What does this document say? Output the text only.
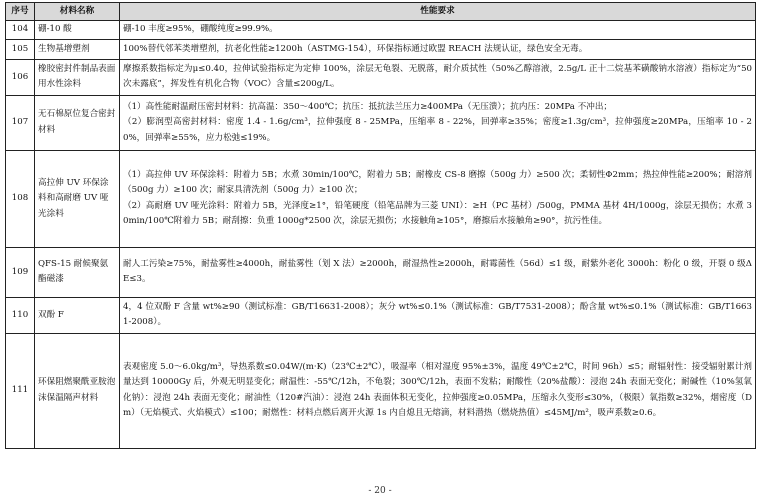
序号	材料名称	性能要求
104	硼-10 酸	硼-10 丰度≥95%，硼酸纯度≥99.9%。

105	生物基增塑剂	100%替代邻苯类增塑剂，抗老化性能≥1200h（ASTMG-154），环保指标通过欧盟 REACH 法规认证，绿色安全无毒。

106	橡胶密封件制品表面用水性涂料	摩擦系数指标定为μ≤0.40，拉伸试验指标定为定伸 100%，涂层无龟裂、无脱落，耐介质拭性（50%乙醇溶液，2.5g/L 正十二烷基苯磺酸钠水溶液）指标定为“50 次未露底”，挥发性有机化合物（VOC）含量≤200g/L。

107	无石棉原位复合密封材料	（1）高性能耐温耐压密封材料：抗高温：350～400℃；抗压：抵抗法兰压力≥400MPa（无压溃）；抗内压：20MPa 不冲出；
（2）膨润型高密封材料：密度 1.4 - 1.6g/cm³，拉伸强度 8 - 25MPa，压缩率 8 - 22%，回弹率≥35%；密度≥1.3g/cm³，拉伸强度≥20MPa，压缩率 10 - 20%，回弹率≥55%，应力松弛≤19%。

108	高拉伸 UV 环保涂料和高耐磨 UV 哑光涂料	（1）高拉伸 UV 环保涂料：附着力 5B；水煮 30min/100℃，附着力 5B；耐橡皮 CS-8 磨擦（500g 力）≥500 次；柔韧性Φ2mm；热拉伸性能≥200%；耐溶剂（500g 力）≥100 次；耐家具清洗剂（500g 力）≥100 次；
（2）高耐磨 UV 哑光涂料：附着力 5B，光泽度≥1°，铅笔硬度（铅笔品牌为三菱 UNI）：≥H（PC 基材）/500g，PMMA 基材 4H/1000g，涂层无损伤；水煮 30min/100℃附着力 5B；耐刮擦：负重 1000g*2500 次，涂层无损伤；水接触角≥105°，磨擦后水接触角≥90°，抗污性佳。

109	QFS-15 耐候聚氨酯磁漆	耐人工污染≥75%，耐盐雾性≥4000h，耐盐雾性（划 X 法）≥2000h，耐湿热性≥2000h，耐霉菌性（56d）≤1 级，耐紫外老化 3000h：粉化 0 级，开裂 0 级ΔE≤3。

110	双酚 F	4，4 位双酚 F 含量 wt%≥90（测试标准：GB/T16631-2008）；灰分 wt%≤0.1%（测试标准：GB/T7531-2008）；酚含量 wt%≤0.1%（测试标准：GB/T16631-2008）。

111	环保阻燃聚酰亚胺泡沫保温隔声材料	表观密度 5.0～6.0kg/m³，导热系数≤0.04W/(m·K)（23℃±2℃），吸湿率（相对湿度 95%±3%，温度 49℃±2℃，时间 96h）≤5；耐辐射性：接受辐射累计剂量达到 10000Gy 后，外观无明显变化；耐温性：-55℃/12h，不龟裂；300℃/12h，表面不发粘；耐酸性（20%盐酸）：浸泡 24h 表面无变化；耐碱性（10%氢氧化钠）：浸泡 24h 表面无变化；耐油性（120#汽油）：浸泡 24h 表面体积无变化，拉伸强度≥0.05MPa，压缩永久变形≤30%，（极限）氧指数≥32%，烟密度（Dm）（无焰模式、火焰模式）≤100；耐燃性：材料点燃后离开火源 1s 内自熄且无熔滴，材料潜热（燃烧热值）≤45MJ/m²，吸声系数≥0.6。
- 20 -
